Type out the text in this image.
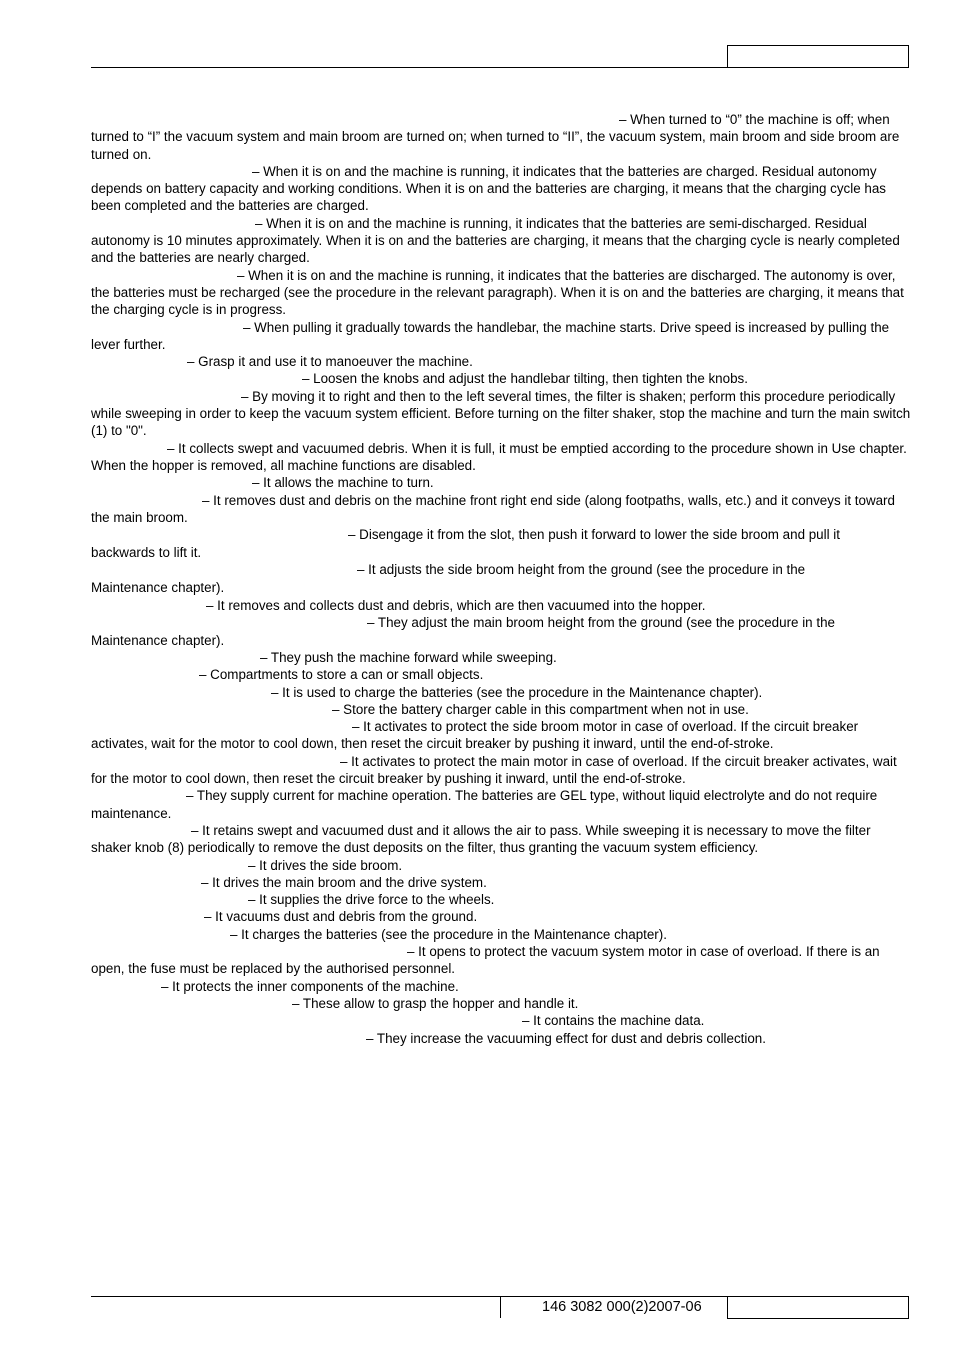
– When turned to “0” the machine is off; when turned to “I” the vacuum system and main broom are turned on; when turned to “II”, the vacuum system, main broom and side broom are turned on.

– When it is on and the machine is running, it indicates that the batteries are charged. Residual autonomy depends on battery capacity and working conditions. When it is on and the batteries are charging, it means that the charging cycle has been completed and the batteries are charged.

– When it is on and the machine is running, it indicates that the batteries are semi-discharged. Residual autonomy is 10 minutes approximately. When it is on and the batteries are charging, it means that the charging cycle is nearly completed and the batteries are nearly charged.

– When it is on and the machine is running, it indicates that the batteries are discharged. The autonomy is over, the batteries must be recharged (see the procedure in the relevant paragraph). When it is on and the batteries are charging, it means that the charging cycle is in progress.

– When pulling it gradually towards the handlebar, the machine starts. Drive speed is increased by pulling the lever further.

– Grasp it and use it to manoeuver the machine.

– Loosen the knobs and adjust the handlebar tilting, then tighten the knobs.

– By moving it to right and then to the left several times, the filter is shaken; perform this procedure periodically while sweeping in order to keep the vacuum system efficient. Before turning on the filter shaker, stop the machine and turn the main switch (1) to "0".

– It collects swept and vacuumed debris. When it is full, it must be emptied according to the procedure shown in Use chapter. When the hopper is removed, all machine functions are disabled.

– It allows the machine to turn.

– It removes dust and debris on the machine front right end side (along footpaths, walls, etc.) and it conveys it toward the main broom.

– Disengage it from the slot, then push it forward to lower the side broom and pull it

backwards to lift it.

– It adjusts the side broom height from the ground (see the procedure in the

Maintenance chapter).

– It removes and collects dust and debris, which are then vacuumed into the hopper.

– They adjust the main broom height from the ground (see the procedure in the

Maintenance chapter).

– They push the machine forward while sweeping.

– Compartments to store a can or small objects.

– It is used to charge the batteries (see the procedure in the Maintenance chapter).

– Store the battery charger cable in this compartment when not in use.

– It activates to protect the side broom motor in case of overload. If the circuit breaker activates, wait for the motor to cool down, then reset the circuit breaker by pushing it inward, until the end-of-stroke.

– It activates to protect the main motor in case of overload. If the circuit breaker activates, wait for the motor to cool down, then reset the circuit breaker by pushing it inward, until the end-of-stroke.

– They supply current for machine operation. The batteries are GEL type, without liquid electrolyte and do not require maintenance.

– It retains swept and vacuumed dust and it allows the air to pass. While sweeping it is necessary to move the filter shaker knob (8) periodically to remove the dust deposits on the filter, thus granting the vacuum system efficiency.

– It drives the side broom.

– It drives the main broom and the drive system.

– It supplies the drive force to the wheels.

– It vacuums dust and debris from the ground.

– It charges the batteries (see the procedure in the Maintenance chapter).

– It opens to protect the vacuum system motor in case of overload. If there is an open, the fuse must be replaced by the authorised personnel.

– It protects the inner components of the machine.

– These allow to grasp the hopper and handle it.

– It contains the machine data.

– They increase the vacuuming effect for dust and debris collection.

146 3082 000(2)2007-06
